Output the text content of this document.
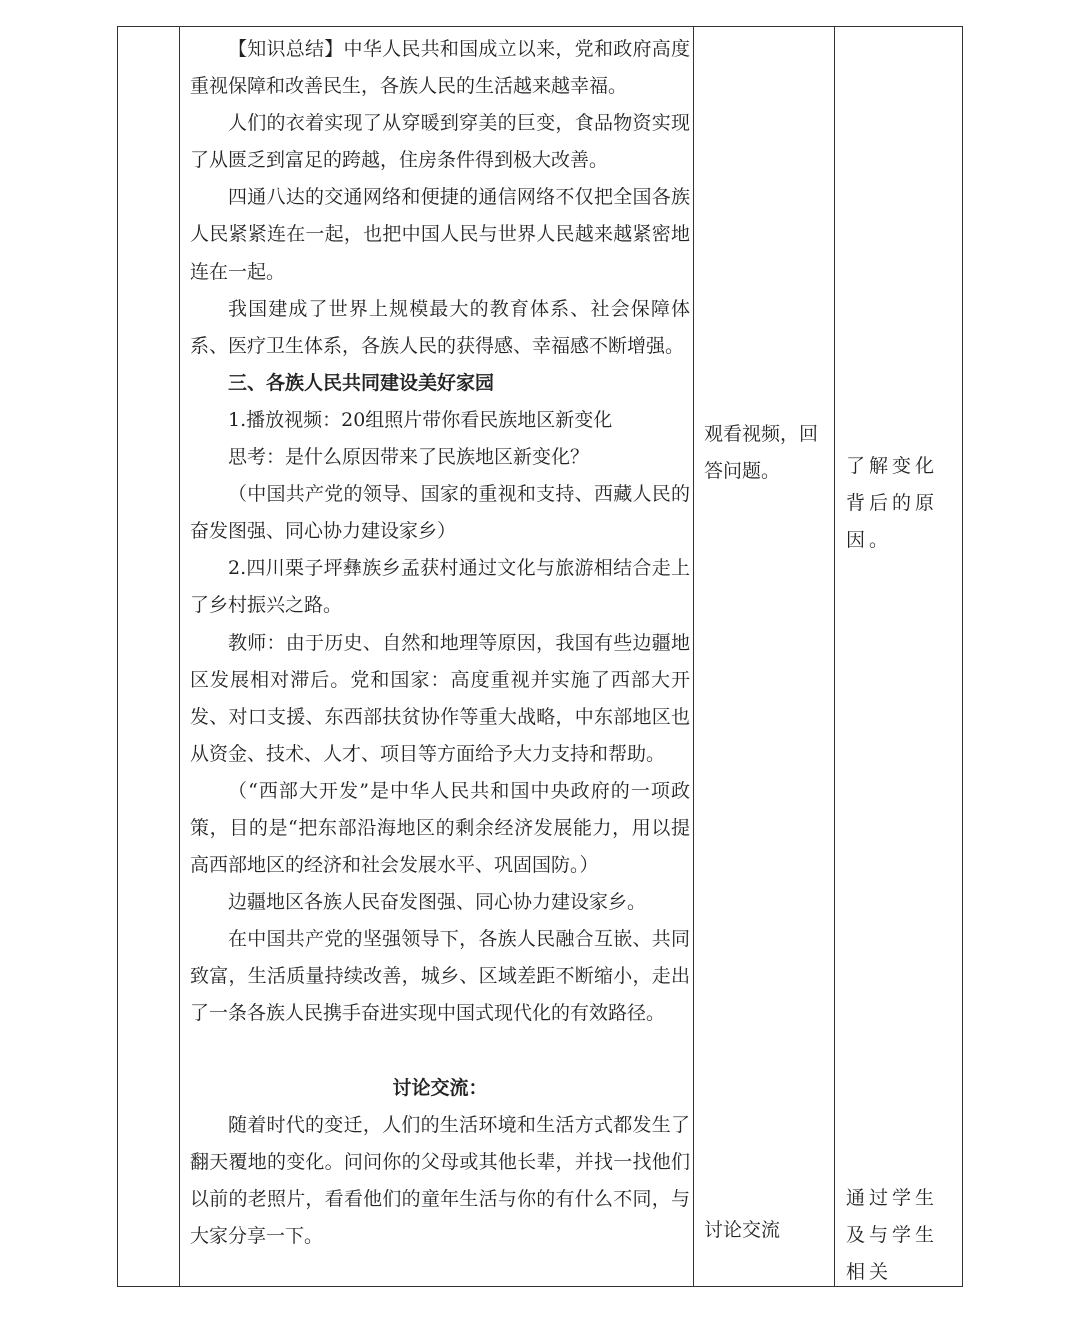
【知识总结】中华人民共和国成立以来，党和政府高度重视保障和改善民生，各族人民的生活越来越幸福。

人们的衣着实现了从穿暖到穿美的巨变，食品物资实现了从匮乏到富足的跨越，住房条件得到极大改善。

四通八达的交通网络和便捷的通信网络不仅把全国各族人民紧紧连在一起，也把中国人民与世界人民越来越紧密地连在一起。

我国建成了世界上规模最大的教育体系、社会保障体系、医疗卫生体系，各族人民的获得感、幸福感不断增强。

三、各族人民共同建设美好家园

1.播放视频：20组照片带你看民族地区新变化

思考：是什么原因带来了民族地区新变化？

（中国共产党的领导、国家的重视和支持、西藏人民的奋发图强、同心协力建设家乡）

2.四川栗子坪彝族乡孟获村通过文化与旅游相结合走上了乡村振兴之路。

教师：由于历史、自然和地理等原因，我国有些边疆地区发展相对滞后。党和国家：高度重视并实施了西部大开发、对口支援、东西部扶贫协作等重大战略，中东部地区也从资金、技术、人才、项目等方面给予大力支持和帮助。

（“西部大开发”是中华人民共和国中央政府的一项政策，目的是“把东部沿海地区的剩余经济发展能力，用以提高西部地区的经济和社会发展水平、巩固国防。）

边疆地区各族人民奋发图强、同心协力建设家乡。

在中国共产党的坚强领导下，各族人民融合互嵌、共同致富，生活质量持续改善，城乡、区域差距不断缩小，走出了一条各族人民携手奋进实现中国式现代化的有效路径。

讨论交流：

随着时代的变迁，人们的生活环境和生活方式都发生了翻天覆地的变化。问问你的父母或其他长辈，并找一找他们以前的老照片，看看他们的童年生活与你的有什么不同，与大家分享一下。

观看视频，回答问题。
讨论交流
了解变化背后的原因。
通过学生及与学生相关
